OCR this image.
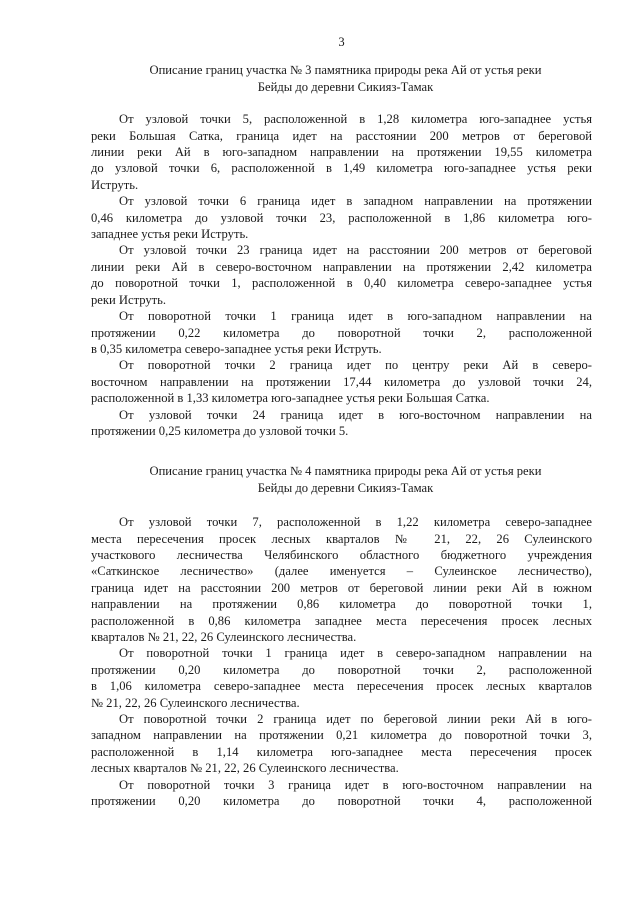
3
Описание границ участка № 3 памятника природы река Ай от устья реки
Бейды до деревни Сикияз-Тамак

От узловой точки 5, расположенной в 1,28 километра юго-западнее устья
реки Большая Сатка, граница идет на расстоянии 200 метров от береговой
линии реки Ай в юго-западном направлении на протяжении 19,55 километра
до узловой точки 6, расположенной в 1,49 километра юго-западнее устья реки
Иструть.

От узловой точки 6 граница идет в западном направлении на протяжении
0,46 километра до узловой точки 23, расположенной в 1,86 километра юго-
западнее устья реки Иструть.

От узловой точки 23 граница идет на расстоянии 200 метров от береговой
линии реки Ай в северо-восточном направлении на протяжении 2,42 километра
до поворотной точки 1, расположенной в 0,40 километра северо-западнее устья
реки Иструть.

От поворотной точки 1 граница идет в юго-западном направлении на
протяжении 0,22 километра до поворотной точки 2, расположенной
в 0,35 километра северо-западнее устья реки Иструть.

От поворотной точки 2 граница идет по центру реки Ай в северо-
восточном направлении на протяжении 17,44 километра до узловой точки 24,
расположенной в 1,33 километра юго-западнее устья реки Большая Сатка.

От узловой точки 24 граница идет в юго-восточном направлении на
протяжении 0,25 километра до узловой точки 5.

Описание границ участка № 4 памятника природы река Ай от устья реки
Бейды до деревни Сикияз-Тамак

От узловой точки 7, расположенной в 1,22 километра северо-западнее
места пересечения просек лесных кварталов № 21, 22, 26 Сулеинского
участкового лесничества Челябинского областного бюджетного учреждения
«Саткинское лесничество» (далее именуется – Сулеинское лесничество),
граница идет на расстоянии 200 метров от береговой линии реки Ай в южном
направлении на протяжении 0,86 километра до поворотной точки 1,
расположенной в 0,86 километра западнее места пересечения просек лесных
кварталов № 21, 22, 26 Сулеинского лесничества.

От поворотной точки 1 граница идет в северо-западном направлении на
протяжении 0,20 километра до поворотной точки 2, расположенной
в 1,06 километра северо-западнее места пересечения просек лесных кварталов
№ 21, 22, 26 Сулеинского лесничества.

От поворотной точки 2 граница идет по береговой линии реки Ай в юго-
западном направлении на протяжении 0,21 километра до поворотной точки 3,
расположенной в 1,14 километра юго-западнее места пересечения просек
лесных кварталов № 21, 22, 26 Сулеинского лесничества.

От поворотной точки 3 граница идет в юго-восточном направлении на
протяжении 0,20 километра до поворотной точки 4, расположенной
